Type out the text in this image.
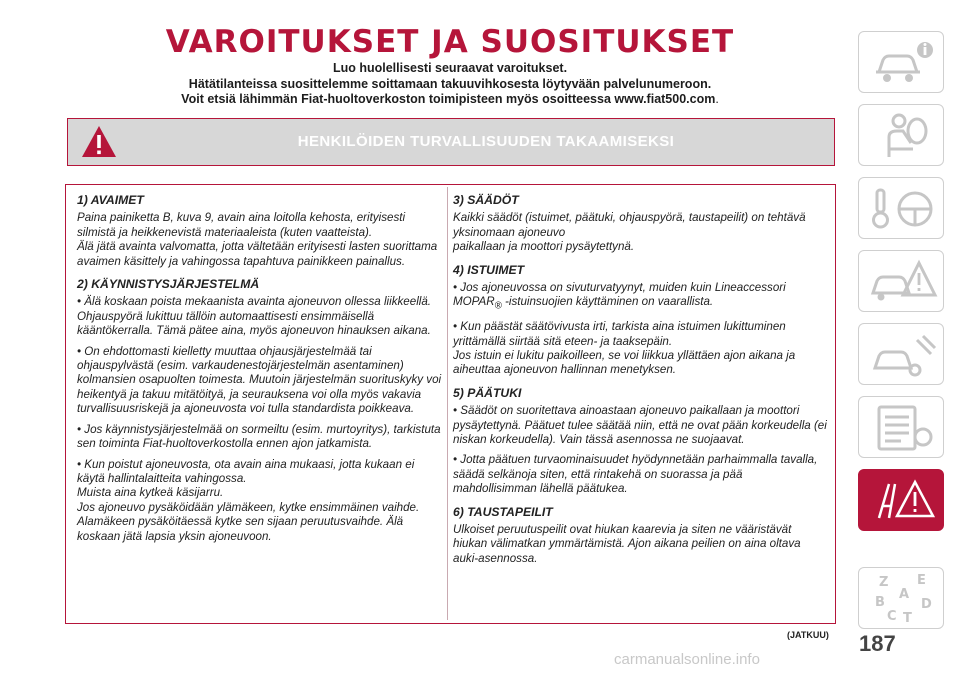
VAROITUKSET JA SUOSITUKSET
Luo huolellisesti seuraavat varoitukset.
Hätätilanteissa suosittelemme soittamaan takuuvihkosesta löytyvään palvelunumeroon.
Voit etsiä lähimmän Fiat-huoltoverkoston toimipisteen myös osoitteessa www.fiat500.com.
HENKILÖIDEN TURVALLISUUDEN TAKAAMISEKSI
1) AVAIMET
Paina painiketta B, kuva 9, avain aina loitolla kehosta, erityisesti silmistä ja heikkenevistä materiaaleista (kuten vaatteista).
Älä jätä avainta valvomatta, jotta vältetään erityisesti lasten suorittama avaimen käsittely ja vahingossa tapahtuva painikkeen painallus.
2) KÄYNNISTYSJÄRJESTELMÄ

• Älä koskaan poista mekaanista avainta ajoneuvon ollessa liikkeellä. Ohjauspyörä lukittuu tällöin automaattisesti ensimmäisellä kääntökerralla. Tämä pätee aina, myös ajoneuvon hinauksen aikana.

• On ehdottomasti kielletty muuttaa ohjausjärjestelmää tai ohjauspylvästä (esim. varkaudenestojärjestelmän asentaminen) kolmansien osapuolten toimesta. Muutoin järjestelmän suorituskyky voi heikentyä ja takuu mitätöityä, ja seurauksena voi olla myös vakavia turvallisuusriskejä ja ajoneuvosta voi tulla standardista poikkeava.

• Jos käynnistysjärjestelmää on sormeiltu (esim. murtoyritys), tarkistuta sen toiminta Fiat-huoltoverkostolla ennen ajon jatkamista.

• Kun poistut ajoneuvosta, ota avain aina mukaasi, jotta kukaan ei käytä hallintalaitteita vahingossa.
Muista aina kytkeä käsijarru.
Jos ajoneuvo pysäköidään ylämäkeen, kytke ensimmäinen vaihde. Alamäkeen pysäköitäessä kytke sen sijaan peruutusvaihde. Älä koskaan jätä lapsia yksin ajoneuvoon.
3) SÄÄDÖT
Kaikki säädöt (istuimet, päätuki, ohjauspyörä, taustapeilit) on tehtävä yksinomaan ajoneuvo
paikallaan ja moottori pysäytettynä.
4) ISTUIMET

• Jos ajoneuvossa on sivuturvatyynyt, muiden kuin Lineaccessori $MOPAR_®$ -istuinsuojien käyttäminen on vaarallista.

• Kun päästät säätövivusta irti, tarkista aina istuimen lukittuminen yrittämällä siirtää sitä eteen- ja taaksepäin.
Jos istuin ei lukitu paikoilleen, se voi liikkua yllättäen ajon aikana ja aiheuttaa ajoneuvon hallinnan menetyksen.
5) PÄÄTUKI

• Säädöt on suoritettava ainoastaan ajoneuvo paikallaan ja moottori pysäytettynä. Päätuet tulee säätää niin, että ne ovat pään korkeudella (ei niskan korkeudella). Vain tässä asennossa ne suojaavat.

• Jotta päätuen turvaominaisuudet hyödynnetään parhaimmalla tavalla, säädä selkänoja siten, että rintakehä on suorassa ja pää mahdollisimman lähellä päätukea.

6) TAUSTAPEILIT
Ulkoiset peruutuspeilit ovat hiukan kaarevia ja siten ne vääristävät hiukan välimatkan ymmärtämistä. Ajon aikana peilien on aina oltava auki-asennossa.
(JATKUU) 187
carmanualsonline.info
Z E
B	D
C T
A
